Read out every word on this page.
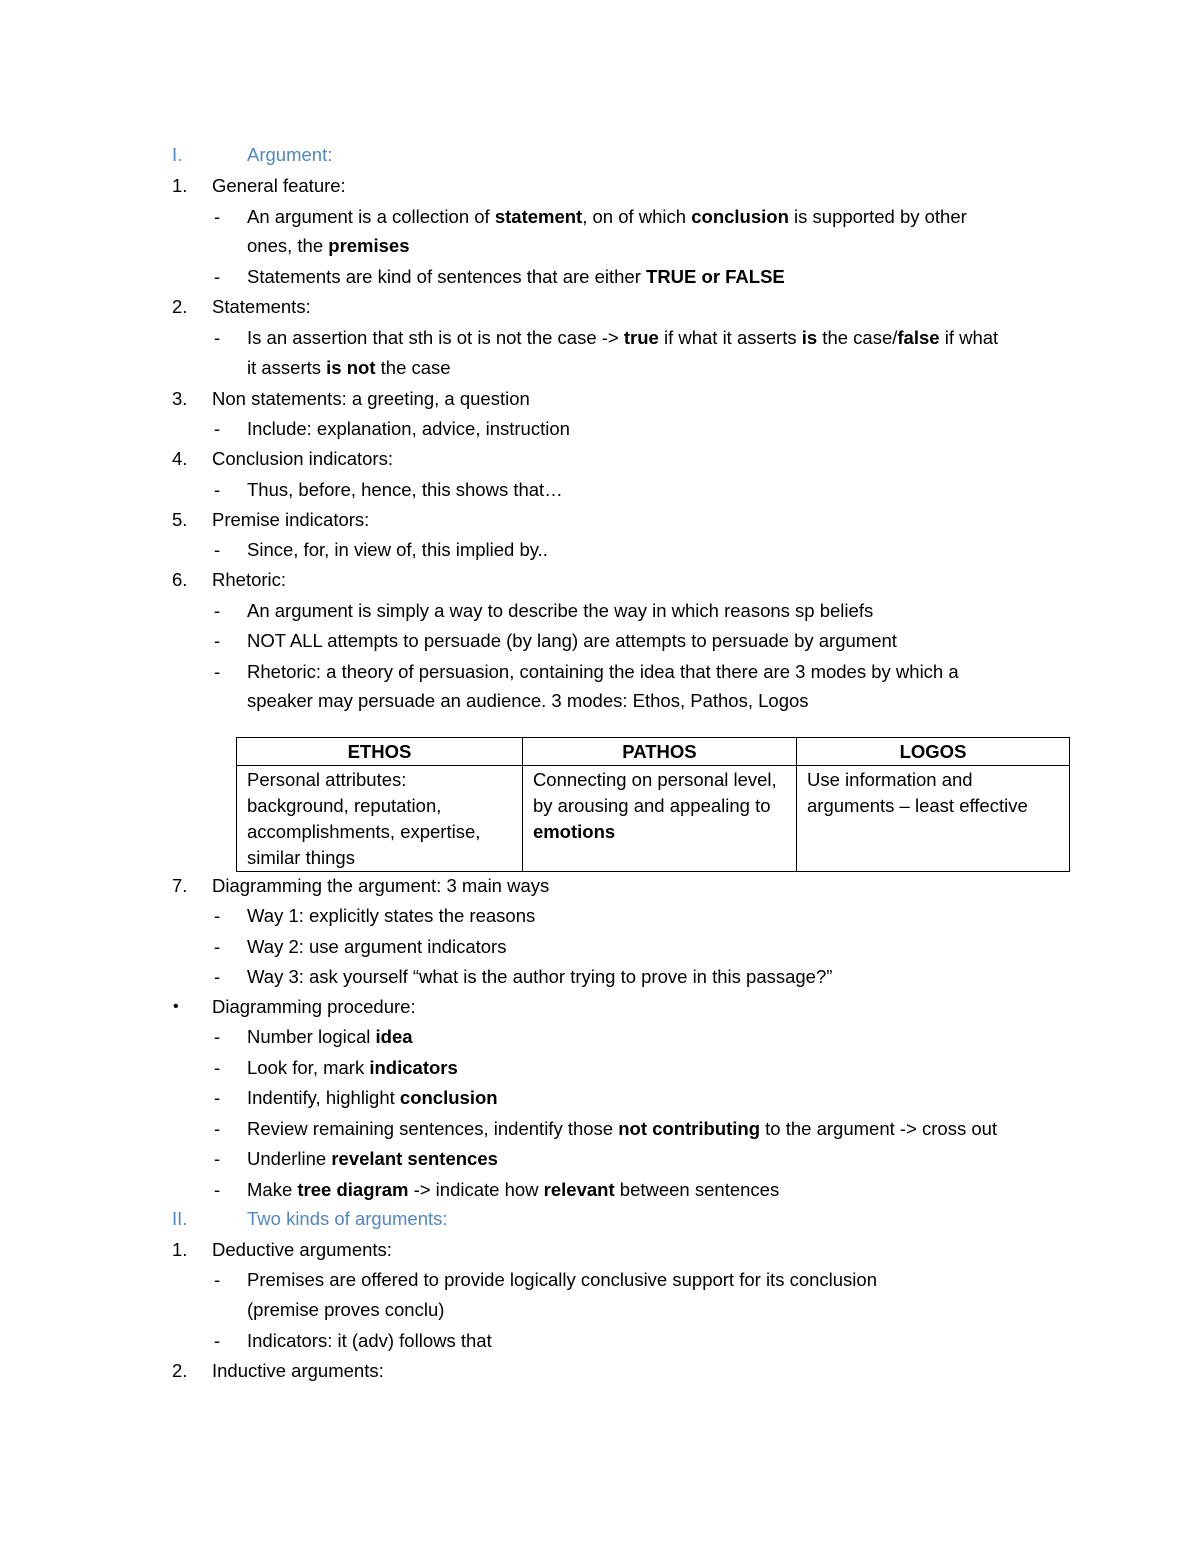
I.	Argument:
1. General feature:
- An argument is a collection of statement, on of which conclusion is supported by other
ones, the premises
- Statements are kind of sentences that are either TRUE or FALSE
2. Statements:
- Is an assertion that sth is ot is not the case -> true if what it asserts is the case/false if what
it asserts is not the case
3. Non statements: a greeting, a question
- Include: explanation, advice, instruction
4. Conclusion indicators:
- Thus, before, hence, this shows that…
5. Premise indicators:
- Since, for, in view of, this implied by..
6. Rhetoric:
- An argument is simply a way to describe the way in which reasons sp beliefs
- NOT ALL attempts to persuade (by lang) are attempts to persuade by argument
- Rhetoric: a theory of persuasion, containing the idea that there are 3 modes by which a
speaker may persuade an audience. 3 modes: Ethos, Pathos, Logos
ETHOS	PATHOS	LOGOS
Personal attributes: background, reputation, accomplishments, expertise, similar things	Connecting on personal level, by arousing and appealing to emotions	Use information and arguments – least effective
7. Diagramming the argument: 3 main ways
- Way 1: explicitly states the reasons
- Way 2: use argument indicators
- Way 3: ask yourself “what is the author trying to prove in this passage?”
• Diagramming procedure:
- Number logical idea
- Look for, mark indicators
- Indentify, highlight conclusion
- Review remaining sentences, indentify those not contributing to the argument -> cross out
- Underline revelant sentences
- Make tree diagram -> indicate how relevant between sentences
II.	Two kinds of arguments:
1. Deductive arguments:
- Premises are offered to provide logically conclusive support for its conclusion
(premise proves conclu)
- Indicators: it (adv) follows that
2. Inductive arguments:
